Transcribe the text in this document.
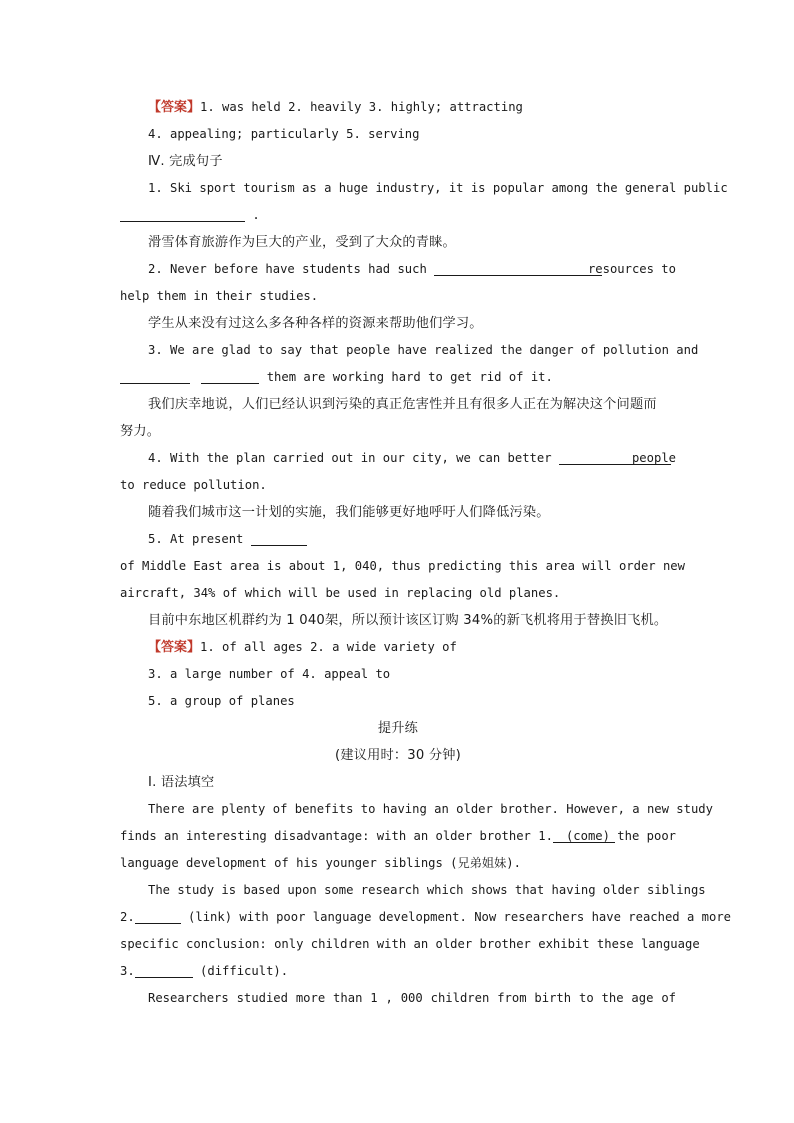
【答案】1. was held 2. heavily 3. highly; attracting
4. appealing; particularly 5. serving
Ⅳ. 完成句子
1. Ski sport tourism as a huge industry, it is popular among the general public
.
滑雪体育旅游作为巨大的产业，受到了大众的青睐。
2. Never before have students had such	resources to
help them in their studies.
学生从来没有过这么多各种各样的资源来帮助他们学习。
3. We are glad to say that people have realized the danger of pollution and
them are working hard to get rid of it.
我们庆幸地说，人们已经认识到污染的真正危害性并且有很多人正在为解决这个问题而
努力。
4. With the plan carried out in our city, we can better	people
to reduce pollution.
随着我们城市这一计划的实施，我们能够更好地呼吁人们降低污染。
5. At present
of Middle East area is about 1, 040, thus predicting this area will order new
aircraft, 34% of which will be used in replacing old planes.
目前中东地区机群约为 1 040架，所以预计该区订购 34%的新飞机将用于替换旧飞机。
【答案】1. of all ages 2. a wide variety of
3. a large number of 4. appeal to
5. a group of planes
提升练
(建议用时：30 分钟)
Ⅰ. 语法填空
There are plenty of benefits to having an older brother. However, a new study
finds an interesting disadvantage: with an older brother 1. (come) the poor
language development of his younger siblings (兄弟姐妹).
The study is based upon some research which shows that having older siblings
2.	(link) with poor language development. Now researchers have reached a more
specific conclusion: only children with an older brother exhibit these language
3.	(difficult).
Researchers studied more than 1 , 000 children from birth to the age of
